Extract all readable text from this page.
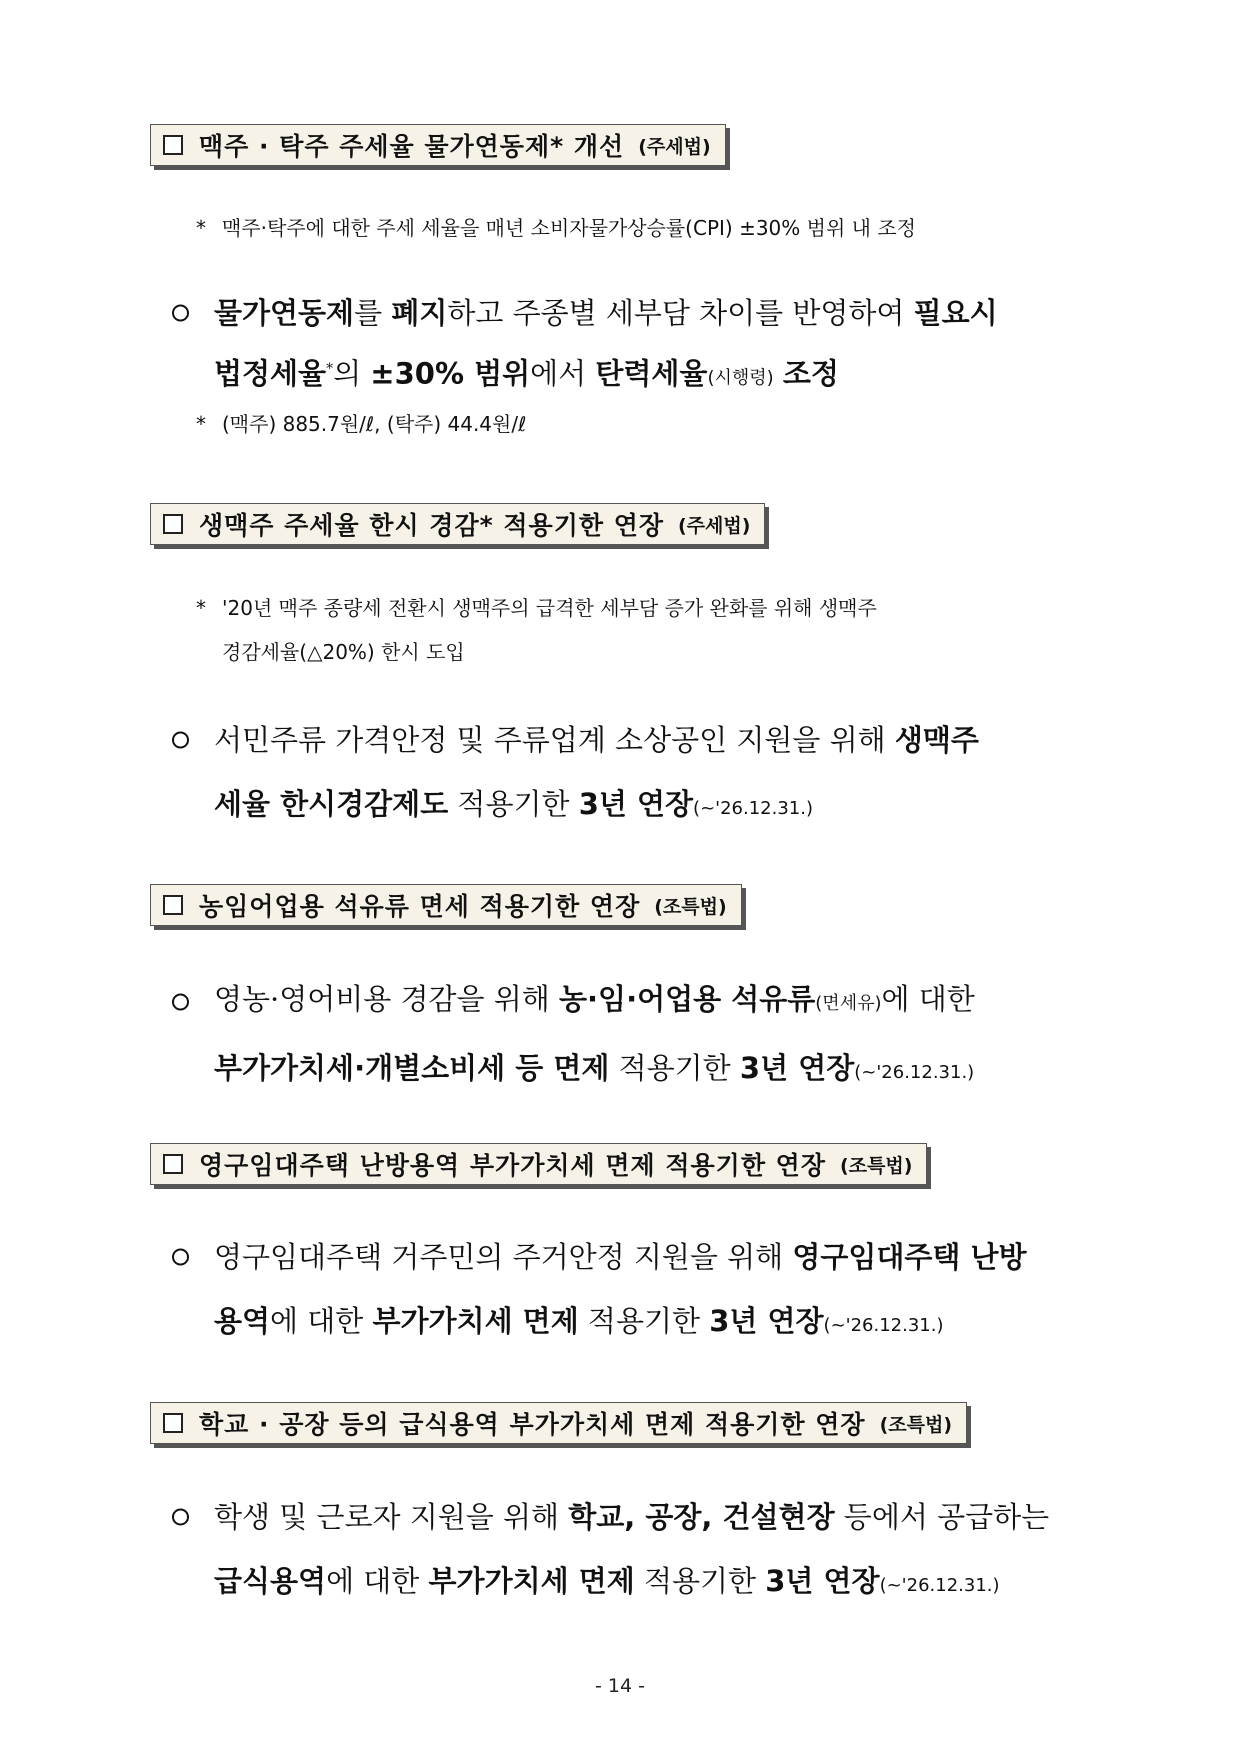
맥주 · 탁주 주세율 물가연동제* 개선 (주세법)
* 맥주·탁주에 대한 주세 세율을 매년 소비자물가상승률(CPI) ±30% 범위 내 조정
물가연동제를 폐지하고 주종별 세부담 차이를 반영하여 필요시
법정세율*의 ±30% 범위에서 탄력세율(시행령) 조정
* (맥주) 885.7원/ℓ, (탁주) 44.4원/ℓ
생맥주 주세율 한시 경감* 적용기한 연장 (주세법)
* '20년 맥주 종량세 전환시 생맥주의 급격한 세부담 증가 완화를 위해 생맥주
경감세율(△20%) 한시 도입
서민주류 가격안정 및 주류업계 소상공인 지원을 위해 생맥주
세율 한시경감제도 적용기한 3년 연장(~'26.12.31.)
농임어업용 석유류 면세 적용기한 연장 (조특법)
영농·영어비용 경감을 위해 농·임·어업용 석유류(면세유)에 대한
부가가치세·개별소비세 등 면제 적용기한 3년 연장(~'26.12.31.)
영구임대주택 난방용역 부가가치세 면제 적용기한 연장 (조특법)
영구임대주택 거주민의 주거안정 지원을 위해 영구임대주택 난방
용역에 대한 부가가치세 면제 적용기한 3년 연장(~'26.12.31.)
학교 · 공장 등의 급식용역 부가가치세 면제 적용기한 연장 (조특법)
학생 및 근로자 지원을 위해 학교, 공장, 건설현장 등에서 공급하는
급식용역에 대한 부가가치세 면제 적용기한 3년 연장(~'26.12.31.)
- 14 -
